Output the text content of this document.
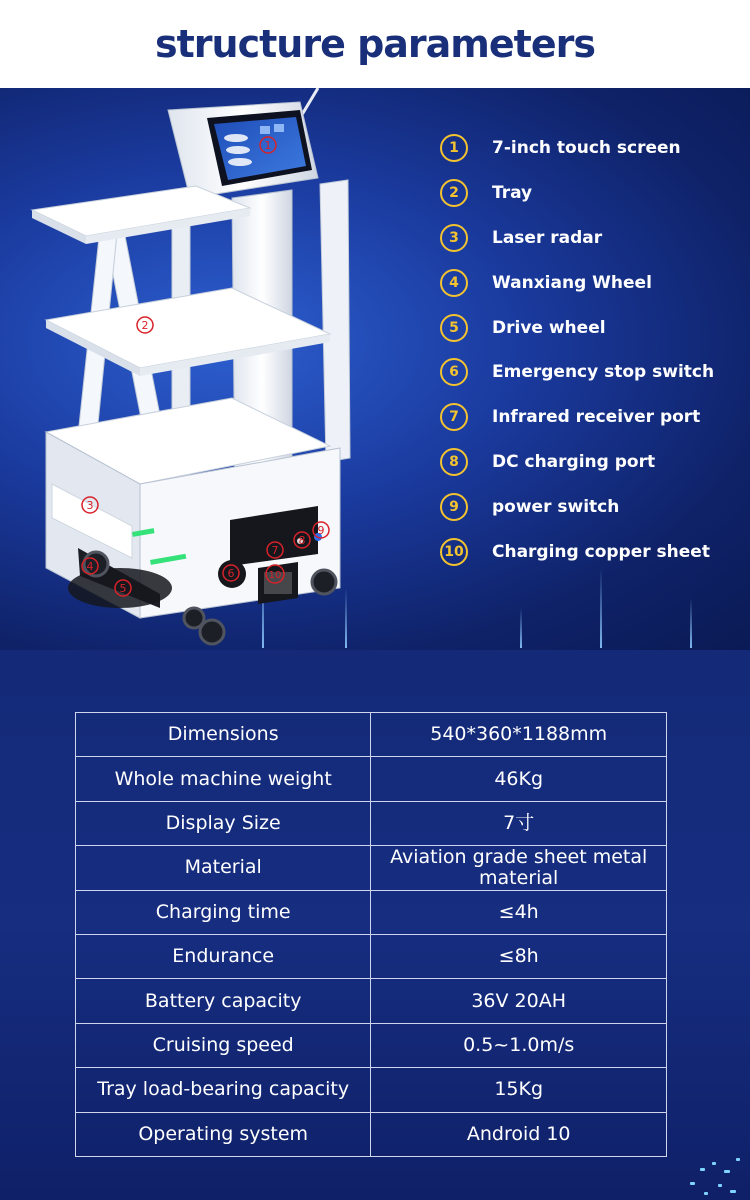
structure parameters
1
2
3
4
5
6
7
8
9
10
1	7-inch touch screen
2	Tray
3	Laser radar
4	Wanxiang Wheel
5	Drive wheel
6	Emergency stop switch
7	Infrared receiver port
8	DC charging port
9	power switch
10 Charging copper sheet
Dimensions	540*360*1188mm
Whole machine weight	46Kg
Display Size	7寸
Material	Aviation grade sheet metal material
Charging time	≤4h
Endurance	≤8h
Battery capacity	36V 20AH
Cruising speed	0.5~1.0m/s
Tray load-bearing capacity	15Kg
Operating system	Android 10
